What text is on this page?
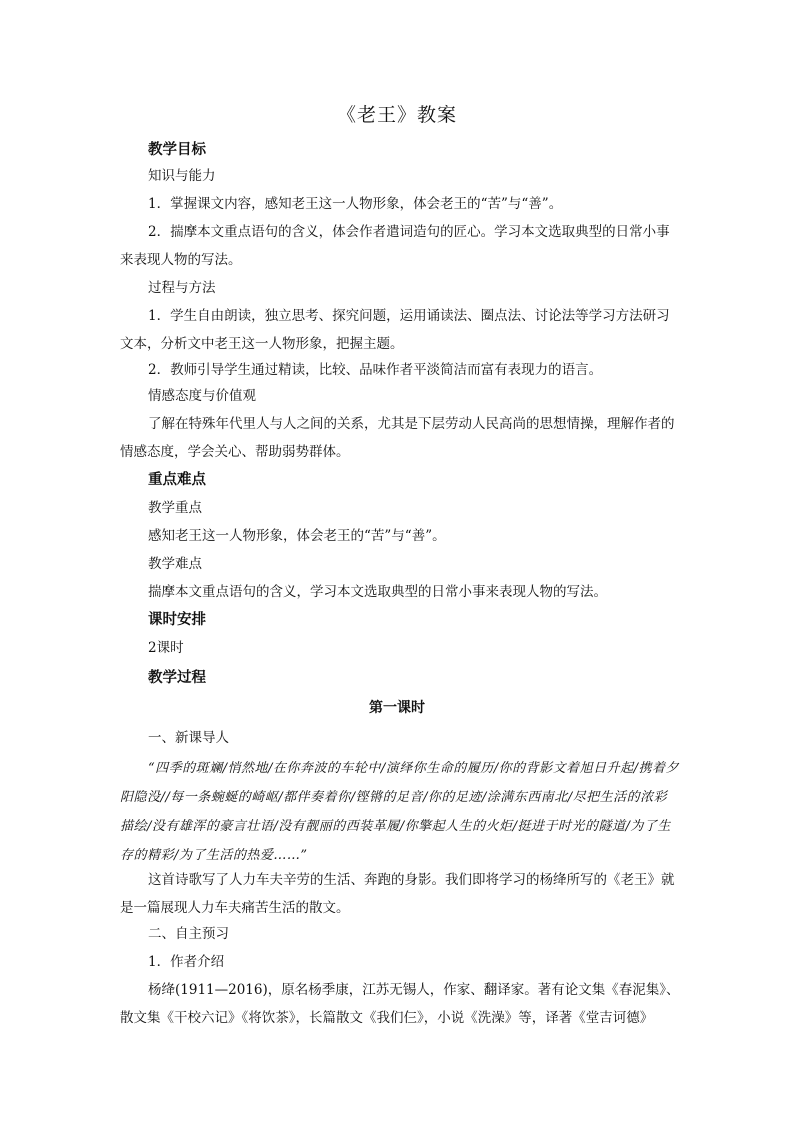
《老王》教案

教学目标

知识与能力

1．掌握课文内容，感知老王这一人物形象，体会老王的“苦”与“善”。

2．揣摩本文重点语句的含义，体会作者遣词造句的匠心。学习本文选取典型的日常小事来表现人物的写法。

过程与方法

1．学生自由朗读，独立思考、探究问题，运用诵读法、圈点法、讨论法等学习方法研习文本，分析文中老王这一人物形象，把握主题。

2．教师引导学生通过精读，比较、品味作者平淡简洁而富有表现力的语言。

情感态度与价值观

了解在特殊年代里人与人之间的关系，尤其是下层劳动人民高尚的思想情操，理解作者的情感态度，学会关心、帮助弱势群体。

重点难点

教学重点

感知老王这一人物形象，体会老王的“苦”与“善”。

教学难点

揣摩本文重点语句的含义，学习本文选取典型的日常小事来表现人物的写法。

课时安排

2课时

教学过程

第一课时

一、新课导人

“四季的斑斓/悄然地/在你奔波的车轮中/演绎你生命的履历/你的背影文着旭日升起/携着夕阳隐没//每一条蜿蜒的崎岖/都伴奏着你/铿锵的足音/你的足迹/涂满东西南北/尽把生活的浓彩描绘/没有雄浑的豪言壮语/没有靓丽的西装革履/你擎起人生的火炬/挺进于时光的隧道/为了生存的精彩/为了生活的热爱……”

这首诗歌写了人力车夫辛劳的生活、奔跑的身影。我们即将学习的杨绛所写的《老王》就是一篇展现人力车夫痛苦生活的散文。

二、自主预习

1．作者介绍

杨绛(1911—2016)，原名杨季康，江苏无锡人，作家、翻译家。著有论文集《春泥集》、散文集《干校六记》《将饮茶》，长篇散文《我们仨》，小说《洗澡》等，译著《堂吉诃德》
